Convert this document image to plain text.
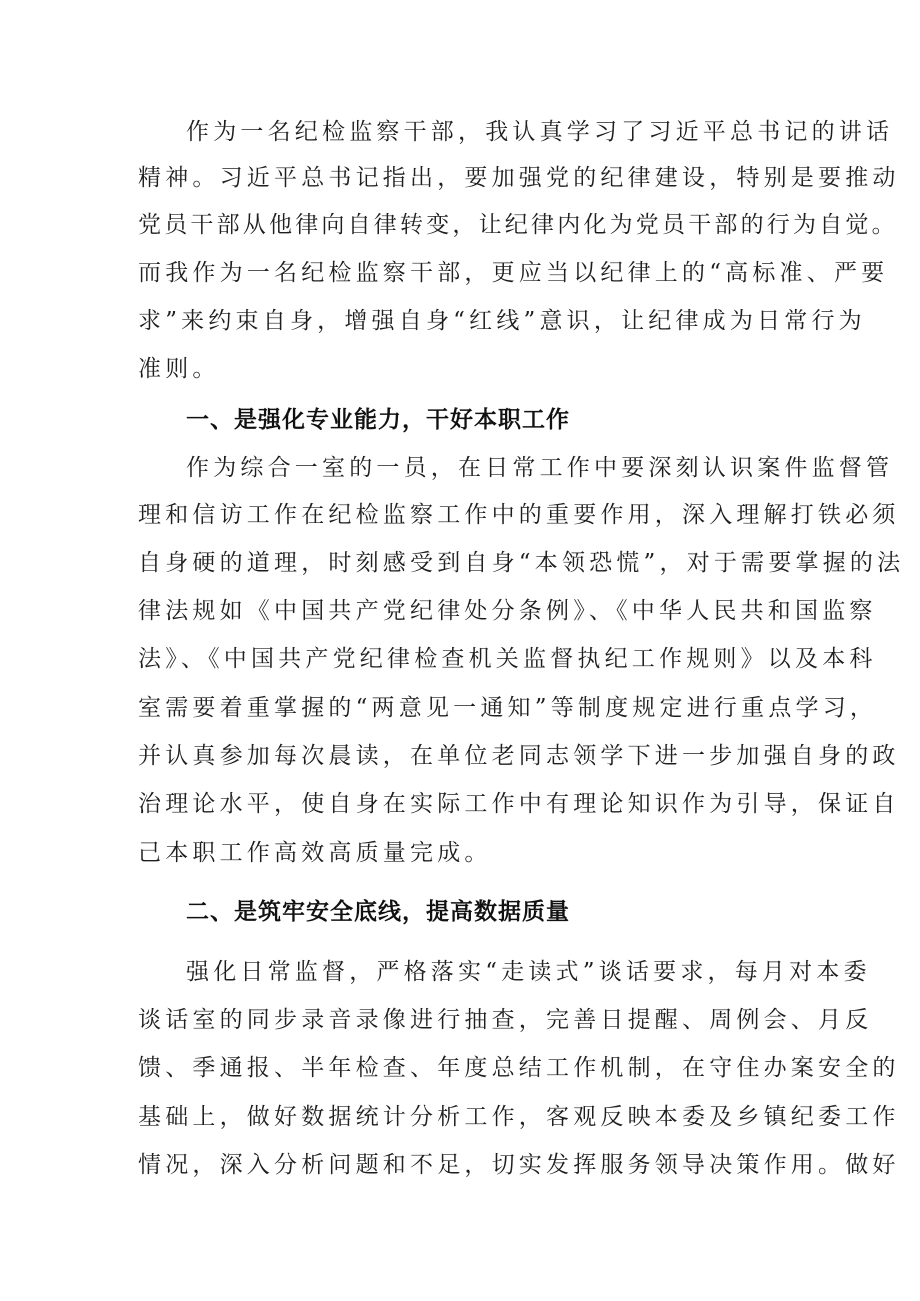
作为一名纪检监察干部，我认真学习了习近平总书记的讲话
精神。习近平总书记指出，要加强党的纪律建设，特别是要推动
党员干部从他律向自律转变，让纪律内化为党员干部的行为自觉。
而我作为一名纪检监察干部，更应当以纪律上的“高标准、严要
求”来约束自身，增强自身“红线”意识，让纪律成为日常行为
准则。
一、是强化专业能力，干好本职工作
作为综合一室的一员，在日常工作中要深刻认识案件监督管
理和信访工作在纪检监察工作中的重要作用，深入理解打铁必须
自身硬的道理，时刻感受到自身“本领恐慌”，对于需要掌握的法
律法规如《中国共产党纪律处分条例》、《中华人民共和国监察
法》、《中国共产党纪律检查机关监督执纪工作规则》以及本科
室需要着重掌握的“两意见一通知”等制度规定进行重点学习，
并认真参加每次晨读，在单位老同志领学下进一步加强自身的政
治理论水平，使自身在实际工作中有理论知识作为引导，保证自
己本职工作高效高质量完成。
二、是筑牢安全底线，提高数据质量
强化日常监督，严格落实“走读式”谈话要求，每月对本委
谈话室的同步录音录像进行抽查，完善日提醒、周例会、月反
馈、季通报、半年检查、年度总结工作机制，在守住办案安全的
基础上，做好数据统计分析工作，客观反映本委及乡镇纪委工作
情况，深入分析问题和不足，切实发挥服务领导决策作用。做好
